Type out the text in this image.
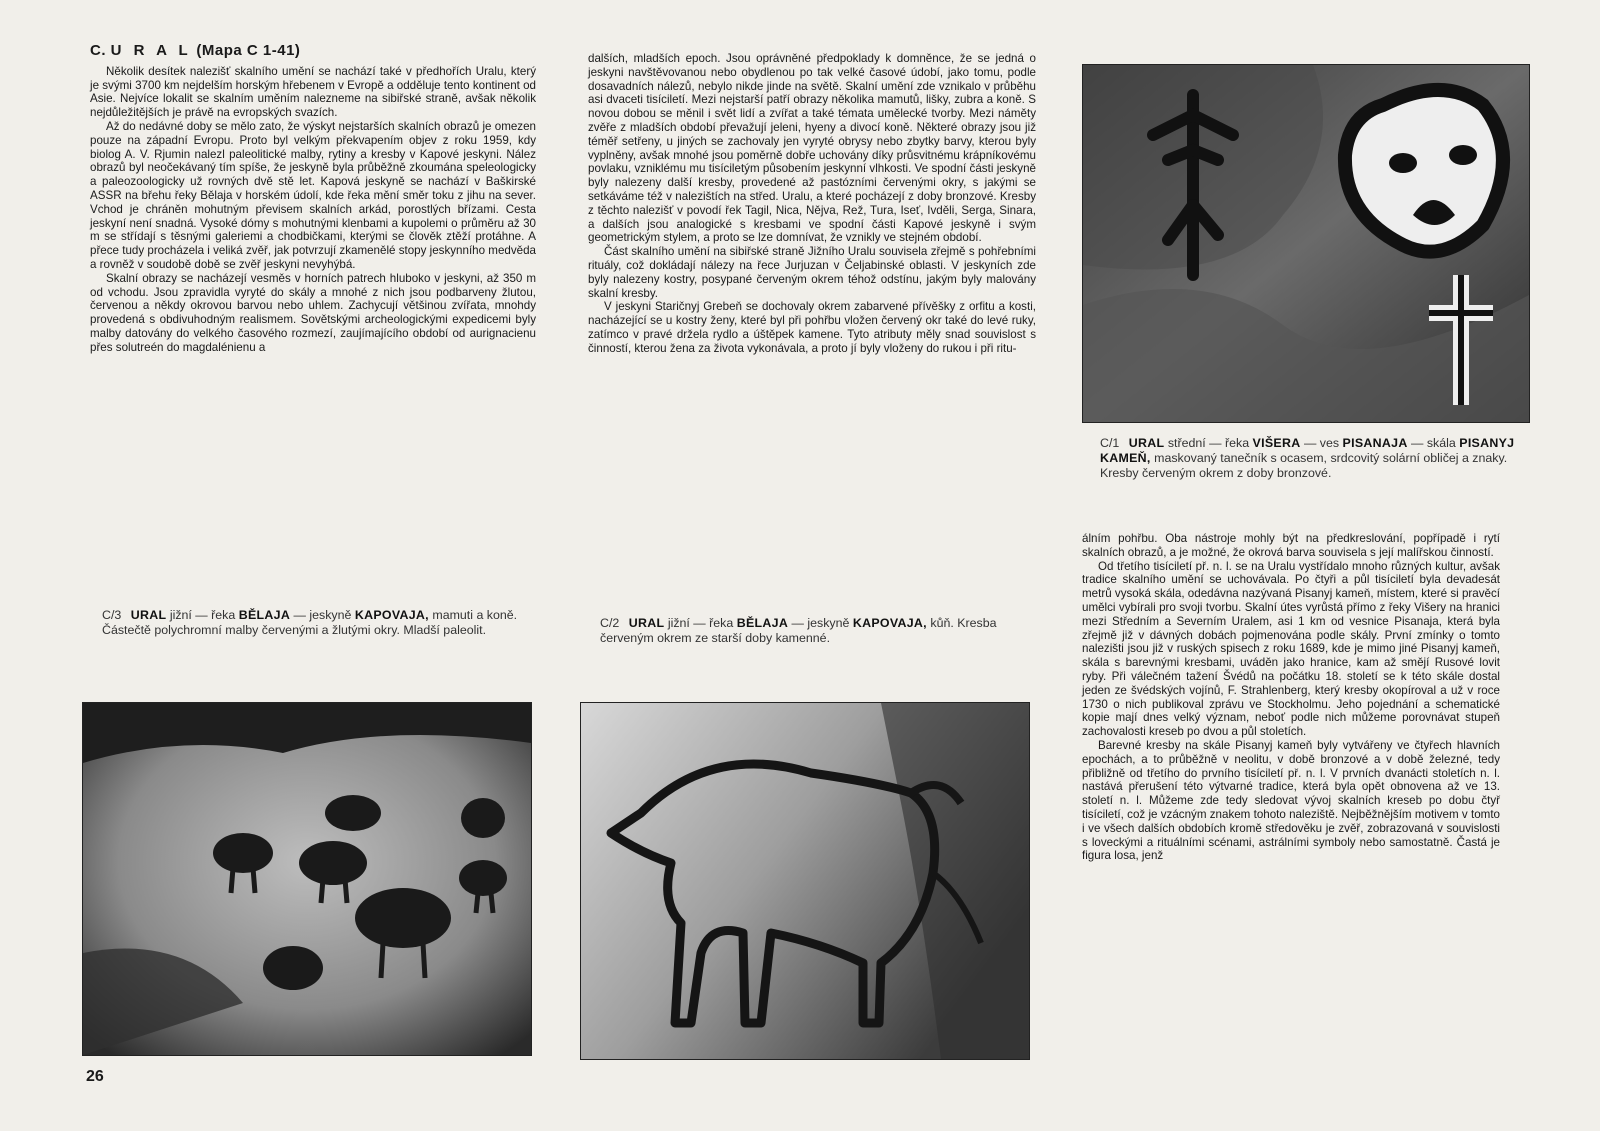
C. U R A L (Mapa C 1-41)

Několik desítek nalezišť skalního umění se nachází také v předhořích Uralu, který je svými 3700 km nejdelším horským hřebenem v Evropě a odděluje tento kontinent od Asie. Nejvíce lokalit se skalním uměním nalezneme na sibiřské straně, avšak několik nejdůležitějších je právě na evropských svazích.

Až do nedávné doby se mělo zato, že výskyt nejstarších skalních obrazů je omezen pouze na západní Evropu. Proto byl velkým překvapením objev z roku 1959, kdy biolog A. V. Rjumin nalezl paleolitické malby, rytiny a kresby v Kapové jeskyni. Nález obrazů byl neočekávaný tím spíše, že jeskyně byla průběžně zkoumána speleologicky a paleozoologicky už rovných dvě stě let. Kapová jeskyně se nachází v Baškirské ASSR na břehu řeky Bělaja v horském údolí, kde řeka mění směr toku z jihu na sever. Vchod je chráněn mohutným převisem skalních arkád, porostlých břízami. Cesta jeskyní není snadná. Vysoké dómy s mohutnými klenbami a kupolemi o průměru až 30 m se střídají s těsnými galeriemi a chodbičkami, kterými se člověk ztěží protáhne. A přece tudy procházela i veliká zvěř, jak potvrzují zkamenělé stopy jeskynního medvěda a rovněž v soudobě době se zvěř jeskyni nevyhýbá.

Skalní obrazy se nacházejí vesměs v horních patrech hluboko v jeskyni, až 350 m od vchodu. Jsou zpravidla vyryté do skály a mnohé z nich jsou podbarveny žlutou, červenou a někdy okrovou barvou nebo uhlem. Zachycují většinou zvířata, mnohdy provedená s obdivuhodným realismem. Sovětskými archeologickými expedicemi byly malby datovány do velkého časového rozmezí, zaujímajícího období od aurignacienu přes solutreén do magdalénienu a

dalších, mladších epoch. Jsou oprávněné předpoklady k domněnce, že se jedná o jeskyni navštěvovanou nebo obydlenou po tak velké časové údobí, jako tomu, podle dosavadních nálezů, nebylo nikde jinde na světě. Skalní umění zde vznikalo v průběhu asi dvaceti tisíciletí. Mezi nejstarší patří obrazy několika mamutů, lišky, zubra a koně. S novou dobou se měnil i svět lidí a zvířat a také témata umělecké tvorby. Mezi náměty zvěře z mladších období převažují jeleni, hyeny a divocí koně. Některé obrazy jsou již téměř setřeny, u jiných se zachovaly jen vyryté obrysy nebo zbytky barvy, kterou byly vyplněny, avšak mnohé jsou poměrně dobře uchovány díky průsvitnému krápníkovému povlaku, vzniklému mu tisíciletým působením jeskynní vlhkosti. Ve spodní části jeskyně byly nalezeny další kresby, provedené až pastózními červenými okry, s jakými se setkáváme též v nalezištích na střed. Uralu, a které pocházejí z doby bronzové. Kresby z těchto nalezišť v povodí řek Tagil, Nica, Nějva, Rež, Tura, Iseť, Ivděli, Serga, Sinara, a dalších jsou analogické s kresbami ve spodní části Kapové jeskyně i svým geometrickým stylem, a proto se lze domnívat, že vznikly ve stejném období.

Část skalního umění na sibiřské straně Jižního Uralu souvisela zřejmě s pohřebními rituály, což dokládají nálezy na řece Jurjuzan v Čeljabinské oblasti. V jeskyních zde byly nalezeny kostry, posypané červeným okrem téhož odstínu, jakým byly malovány skalní kresby.

V jeskyni Staričnyj Grebeň se dochovaly okrem zabarvené přívěšky z orfitu a kosti, nacházející se u kostry ženy, které byl při pohřbu vložen červený okr také do levé ruky, zatímco v pravé držela rydlo a úštěpek kamene. Tyto atributy měly snad souvislost s činností, kterou žena za života vykonávala, a proto jí byly vloženy do rukou i při ritu-

álním pohřbu. Oba nástroje mohly být na předkreslování, popřípadě i rytí skalních obrazů, a je možné, že okrová barva souvisela s její malířskou činností.

Od třetího tisíciletí př. n. l. se na Uralu vystřídalo mnoho různých kultur, avšak tradice skalního umění se uchovávala. Po čtyři a půl tisíciletí byla devadesát metrů vysoká skála, odedávna nazývaná Pisanyj kameň, místem, které si pravěcí umělci vybírali pro svoji tvorbu. Skalní útes vyrůstá přímo z řeky Višery na hranici mezi Středním a Severním Uralem, asi 1 km od vesnice Pisanaja, která byla zřejmě již v dávných dobách pojmenována podle skály. První zmínky o tomto nalezišti jsou již v ruských spisech z roku 1689, kde je mimo jiné Pisanyj kameň, skála s barevnými kresbami, uváděn jako hranice, kam až smějí Rusové lovit ryby. Při válečném tažení Švédů na počátku 18. století se k této skále dostal jeden ze švédských vojínů, F. Strahlenberg, který kresby okopíroval a už v roce 1730 o nich publikoval zprávu ve Stockholmu. Jeho pojednání a schematické kopie mají dnes velký význam, neboť podle nich můžeme porovnávat stupeň zachovalosti kreseb po dvou a půl stoletích.

Barevné kresby na skále Pisanyj kameň byly vytvářeny ve čtyřech hlavních epochách, a to průběžně v neolitu, v době bronzové a v době železné, tedy přibližně od třetího do prvního tisíciletí př. n. l. V prvních dvanácti stoletích n. l. nastává přerušení této výtvarné tradice, která byla opět obnovena až ve 13. století n. l. Můžeme zde tedy sledovat vývoj skalních kreseb po dobu čtyř tisíciletí, což je vzácným znakem tohoto naleziště. Nejběžnějším motivem v tomto i ve všech dalších obdobích kromě středověku je zvěř, zobrazovaná v souvislosti s loveckými a rituálními scénami, astrálními symboly nebo samostatně. Častá je figura losa, jenž

C/1 URAL střední — řeka VIŠERA — ves PISANAJA — skála PISANYJ KAMEŇ, maskovaný tanečník s ocasem, srdcovitý solární obličej a znaky. Kresby červeným okrem z doby bronzové.
C/3 URAL jižní — řeka BĚLAJA — jeskyně KAPOVAJA, mamuti a koně. Částečtě polychromní malby červenými a žlutými okry. Mladší paleolit.	C/2 URAL jižní — řeka BĚLAJA — jeskyně KAPOVAJA, kůň. Kresba červeným okrem ze starší doby kamenné.
26
